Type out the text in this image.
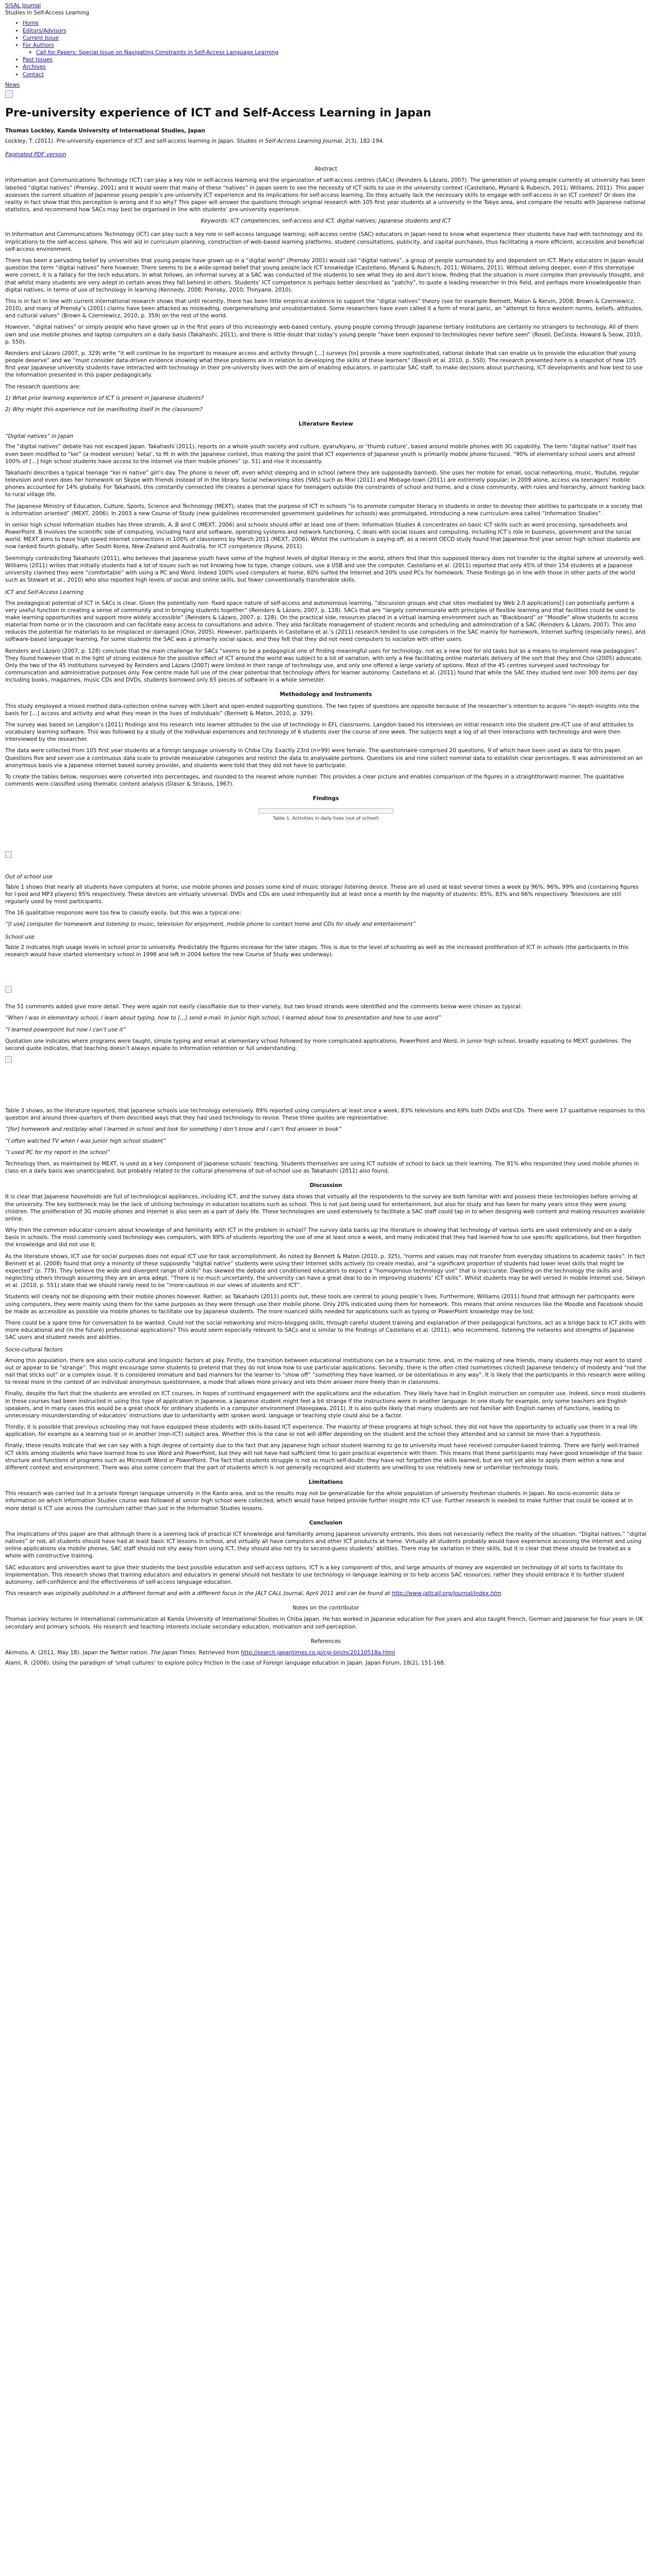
SiSAL Journal
Studies in Self-Access Learning
• Home
• Editors/Advisors
• Current Issue
• For Authors
◦ Call for Papers: Special Issue on Navigating Constraints in Self-Access Language Learning
• Past Issues
• Archives
• Contact
News
Pre-university experience of ICT and Self-Access Learning in Japan
Thomas Lockley, Kanda University of International Studies, Japan
Lockley, T. (2011). Pre-university experience of ICT and self-access learning in Japan. Studies in Self-Access Learning Journal, 2(3), 182-194.
Paginated PDF version
Abstract

Information and Communications Technology (ICT) can play a key role in self-access learning and the organization of self-access centres (SACs) (Reinders & Lázaro, 2007). The generation of young people currently at university has been labelled “digital natives” (Prensky, 2001) and it would seem that many of these “natives” in Japan seem to see the necessity of ICT skills to use in the university context (Castellano, Mynard & Rubesch, 2011; Williams, 2011). This paper assesses the current situation of Japanese young people’s pre-university ICT experience and its implications for self-access learning. Do they actually lack the necessary skills to engage with self-access in an ICT context? Or does the reality in fact show that this perception is wrong and if so why? This paper will answer the questions through original research with 105 first year students at a university in the Tokyo area, and compare the results with Japanese national statistics, and recommend how SACs may best be organised in line with students’ pre-university experience.

Keywords: ICT competencies, self-access and ICT, digital natives; Japanese students and ICT

In Information and Communications Technology (ICT) can play such a key role in self-access language learning; self-access centre (SAC) educators in Japan need to know what experience their students have had with technology and its implications to the self-access sphere. This will aid in curriculum planning, construction of web-based learning platforms, student consultations, publicity, and capital purchases, thus facilitating a more efficient, accessible and beneficial self-access environment.

There has been a pervading belief by universities that young people have grown up in a “digital world” (Prensky 2001) would call “digital natives”, a group of people surrounded by and dependent on ICT. Many educators in Japan would question the term “digital natives” here however. There seems to be a wide-spread belief that young people lack ICT knowledge (Castellano, Mynard & Rubesch, 2011; Williams, 2011). Without delving deeper, even if this stereotype were correct, it is a fallacy for the tech educators. In what follows, an informal survey at a SAC was conducted of the students to see what they do and don’t know, finding that the situation is more complex than previously thought, and that whilst many students are very adept in certain areas they fall behind in others. Students’ ICT competence is perhaps better described as “patchy”, to quote a leading researcher in this field, and perhaps more knowledgeable than digital natives, in terms of use of technology in learning (Kennedy, 2008; Prensky, 2010; Thinyane, 2010).

This is in fact in line with current international research shows that until recently, there has been little empirical evidence to support the “digital natives” theory (see for example Bennett, Maton & Kervin, 2008; Brown & Czerniewicz, 2010), and many of Prensky’s (2001) claims have been attacked as misleading, overgeneralising and unsubstantiated. Some researchers have even called it a form of moral panic, an “attempt to force western norms, beliefs, attitudes, and cultural values” (Brown & Czerniewicz, 2010, p. 359) on the rest of the world.

However, “digital natives” or simply people who have grown up in the first years of this increasingly web-based century, young people coming through Japanese tertiary institutions are certainly no strangers to technology. All of them own and use mobile phones and laptop computers on a daily basis (Takahashi, 2011), and there is little doubt that today’s young people “have been exposed to technologies never before seen” (Rosell, DeCosta, Howard & Seow, 2010, p. 550).

Reinders and Lázaro (2007, p. 329) write “it will continue to be important to measure access and activity through [...] surveys [to] provide a more sophisticated, rational debate that can enable us to provide the education that young people deserve” and we “must consider data-driven evidence showing what these problems are in relation to developing the skills of these learners” (Bassili et al. 2010, p. 550). The research presented here is a snapshot of how 105 first year Japanese university students have interacted with technology in their pre-university lives with the aim of enabling educators, in particular SAC staff, to make decisions about purchasing, ICT developments and how best to use the information presented in this paper pedagogically.

The research questions are:

1) What prior learning experience of ICT is present in Japanese students?

2) Why might this experience not be manifesting itself in the classroom?

Literature Review
“Digital natives” in Japan

The “digital natives” debate has not escaped Japan. Takahashi (2011), reports on a whole youth society and culture, gyaru/kyaru, or ‘thumb culture’, based around mobile phones with 3G capability. The term “digital native” itself has even been modified to “kei” (a modest version) ‘ketai’, to fit in with the Japanese context, thus making the point that ICT experience of Japanese youth is primarily mobile phone focused. “90% of elementary school users and almost 100% of [...] high school students have access to the internet via their mobile phones” (p. 51) and rise it incessantly.

Takahashi describes a typical teenage “kei ni native” girl’s day. The phone is never off, even whilst sleeping and in school (where they are supposedly banned). She uses her mobile for email, social networking, music, Youtube, regular television and even does her homework on Skype with friends instead of in the library. Social networking sites (SNS) such as Mixi (2011) and Mobage-town (2011) are extremely popular; in 2009 alone, access via teenagers’ mobile phones accounted for 14% globally. For Takahashi, this constantly connected life creates a personal space for teenagers outside the constraints of school and home, and a close community, with rules and hierarchy, almost harking back to rural village life.

The Japanese Ministry of Education, Culture, Sports, Science and Technology (MEXT), states that the purpose of ICT in schools “is to promote computer literacy in students in order to develop their abilities to participate in a society that is information oriented” (MEXT, 2006). In 2003 a new Course of Study (new guidelines recommended government guidelines for schools) was promulgated, introducing a new curriculum area called “Information Studies”.

In senior high school information studies has three strands, A, B and C (MEXT, 2006) and schools should offer at least one of them. Information Studies A concentrates on basic ICT skills such as word processing, spreadsheets and PowerPoint. B involves the scientific side of computing, including hard and software, operating systems and network functioning. C deals with social issues and computing, including ICT’s role in business, government and the social world. MEXT aims to have high speed internet connections in 100% of classrooms by March 2011 (MEXT, 2006). Whilst the curriculum is paying off, as a recent OECD study found that Japanese first year senior high school students are now ranked fourth globally, after South Korea, New-Zealand and Australia, for ICT competence (Ryuna, 2011).

Seemingly contradicting Takahashi (2011), who believes that Japanese youth have some of the highest levels of digital literacy in the world, others find that this supposed literacy does not transfer to the digital sphere at university well. Williams (2011) writes that initially students had a lot of issues such as not knowing how to type, change colours, use a USB and use the computer. Castellano et al. (2011) reported that only 45% of their 154 students at a Japanese university claimed they were “comfortable” with using a PC and Word. Indeed 100% used computers at home, 60% surfed the Internet and 20% used PCs for homework. These findings go in line with those in other parts of the world such as Stewart et al., 2010) who also reported high levels of social and online skills, but fewer conventionally transferable skills.

ICT and Self-Access Learning

The pedagogical potential of ICT in SACs is clear. Given the potentially non- fixed space nature of self-access and autonomous learning, “discussion groups and chat sites mediated by Web 2.0 applications[] can potentially perform a very useful function in creating a sense of community and in bringing students together” (Reinders & Lázaro, 2007, p. 128). SACs that are “largely commensurate with principles of flexible learning and that facilities could be used to make learning opportunities and support more widely accessible” (Reinders & Lázaro, 2007, p. 128). On the practical side, resources placed in a virtual learning environment such as “Blackboard” or “Moodle” allow students to access material from home or in the classroom and can facilitate easy access to consultations and advice. They also facilitate management of student records and scheduling and administration of a SAC (Reinders & Lázaro, 2007). This also reduces the potential for materials to be misplaced or damaged (Choi, 2005). However, participants in Castellano et al.’s (2011) research tended to use computers in the SAC mainly for homework, Internet surfing (especially news), and software-based language learning. For some students the SAC was a primarily social space, and they felt that they did not need computers to socialize with other users.

Reinders and Lázaro (2007, p. 128) conclude that the main challenge for SACs “seems to be a pedagogical one of finding meaningful uses for technology, not as a new tool for old tasks but as a means to implement new pedagogies”. They found however that in the light of strong evidence for the positive effect of ICT around the world was subject to a lot of variation, with only a few facilitating online materials delivery of the sort that they and Choi (2005) advocate. Only the two of the 45 institutions surveyed by Reinders and Lázaro (2007) were limited in their range of technology use, and only one offered a large variety of options. Most of the 45 centres surveyed used technology for communication and administrative purposes only. Few centre made full use of the clear potential that technology offers for learner autonomy. Castellano et al. (2011) found that while the SAC they studied lent over 300 items per day including books, magazines, music CDs and DVDs, students borrowed only 65 pieces of software in a whole semester.

Methodology and Instruments

This study employed a mixed method data-collection online survey with Likert and open-ended supporting questions. The two types of questions are opposite because of the researcher’s intention to acquire “in-depth insights into the basis for [...] access and activity and what they mean in the lives of individuals” (Bennett & Maton, 2010, p. 329).

The survey was based on Langdon’s (2011) findings and his research into learner attitudes to the use of technology in EFL classrooms. Langdon based his interviews on initial research into the student pre-ICT use of and attitudes to vocabulary learning software. This was followed by a study of the individual experiences and technology of 6 students over the course of one week. The subjects kept a log of all their interactions with technology and were then interviewed by the researcher.

The data were collected from 105 first year students at a foreign language university in Chiba City. Exactly 23rd (n=99) were female. The questionnaire comprised 20 questions, 9 of which have been used as data for this paper. Questions five and seven use a continuous data scale to provide measurable categories and restrict the data to analysable portions. Questions six and nine collect nominal data to establish clear percentages. It was administered on an anonymous basis via a Japanese internet based survey provider, and students were told that they did not have to participate.

To create the tables below, responses were converted into percentages, and rounded to the nearest whole number. This provides a clear picture and enables comparison of the figures in a straightforward manner. The qualitative comments were classified using thematic content analysis (Glaser & Strauss, 1967).

Findings
Table 1. Activities in daily lives (out of school)
Out of school use

Table 1 shows that nearly all students have computers at home, use mobile phones and posses some kind of music storage/ listening device. These are all used at least several times a week by 96%, 96%, 99% and (containing figures for I-pod and MP3 players) 95% respectively. These devices are virtually universal. DVDs and CDs are used infrequently but at least once a month by the majority of students: 85%, 83% and 66% respectively. Televisions are still regularly used by most participants.

The 16 qualitative responses were too few to classify easily, but this was a typical one:

“[I use] computer for homework and listening to music, television for enjoyment, mobile phone to contact home and CDs for study and entertainment”

School use

Table 2 indicates high usage levels in school prior to university. Predictably the figures increase for the later stages. This is due to the level of schooling as well as the increased proliferation of ICT in schools (the participants in this research would have started elementary school in 1998 and left in 2004 before the new Course of Study was underway).

The 51 comments added give more detail. They were again not easily classifiable due to their variety, but two broad strands were identified and the comments below were chosen as typical:

“When I was in elementary school, I learn about typing, how to [...] send e-mail. In junior high school, I learned about how to presentation and how to use word”

“I learned powerpoint but now I can’t use it”

Quotation one indicates where programs were taught, simple typing and email at elementary school followed by more complicated applications, PowerPoint and Word, in junior high school, broadly equating to MEXT guidelines. The second quote indicates, that teaching doesn’t always equate to information retention or full understanding.

Table 3 shows, as the literature reported, that Japanese schools use technology extensively. 89% reported using computers at least once a week, 83% televisions and 69% both DVDs and CDs. There were 17 qualitative responses to this question and around three-quarters of them described ways that they had used technology to revise. These three quotes are representative:

“[for] homework and rest/play what I learned in school and look for something I don’t know and I can’t find answer in book”

“I often watched TV when I was junior high school student”

“I used PC for my report in the school”

Technology then, as maintained by MEXT, is used as a key component of Japanese schools’ teaching. Students themselves are using ICT outside of school to back up their learning. The 81% who responded they used mobile phones in class on a daily basis was unanticipated, but probably related to the cultural phenomena of out-of-school use as Takahashi (2011) also found.

Discussion

It is clear that Japanese households are full of technological appliances, including ICT, and the survey data shows that virtually all the respondents to the survey are both familiar with and possess these technologies before arriving at the university. The key bottleneck may be the lack of utilising technology in education locations such as school. This is not just being used for entertainment, but also for study and has been for many years since they were young children. The proliferation of 3G mobile phones and Internet is also seen as a part of daily life. These technologies are used extensively to facilitate a SAC staff could tap in to when designing web content and making resources available online.

Why then the common educator concern about knowledge of and familiarity with ICT in the problem in school? The survey data backs up the literature in showing that technology of various sorts are used extensively and on a daily basis in schools. The most commonly used technology was computers, with 89% of students reporting the use of one at least once a week, and many indicated that they had learned how to use specific applications, but then forgotten the knowledge and did not use it.

As the literature shows, ICT use for social purposes does not equal ICT use for task accomplishment. As noted by Bennett & Maton (2010, p. 325), “norms and values may not transfer from everyday situations to academic tasks”. In fact Bennett et al. (2008) found that only a minority of these supposedly “digital native” students were using their Internet skills actively (to create media), and “a significant proportion of students had lower level skills that might be expected” (p. 779). They believe the wide and divergent range of skills” has skewed the debate and conditioned educators to expect a “homogenous technology use” that is inaccurate. Dwelling on the technology the skills and neglecting others through assuming they are an area adept. “There is no much uncertainty, the university can have a great deal to do in improving students’ ICT skills”. Whilst students may be well versed in mobile Internet use, Selwyn et al. (2010, p. 551) state that we should rarely need to be “more-cautious in our views of students and ICT”.

Students will clearly not be disposing with their mobile phones however. Rather, as Takahashi (2011) points out, these tools are central to young people’s lives. Furthermore, Williams (2011) found that although her participants were using computers, they were mainly using them for the same purposes as they were through use their mobile phone. Only 20% indicated using them for homework. This means that online resources like the Moodle and Facebook should be made as accessible as possible via mobile phones to facilitate use by Japanese students. The more nuanced skills needed for applications such as typing or PowerPoint knowledge may be lost.

There could be a spare time for conversation to be wanted. Could not the social networking and micro-blogging skills, through careful student training and explanation of their pedagogical functions, act as a bridge back to ICT skills with more educational and (in the future) professional applications? This would seem especially relevant to SACs and is similar to the findings of Castellano et al. (2011), who recommend, listening the networks and strengths of Japanese SAC users and student needs and abilities.

Socio-cultural factors

Among this population, there are also socio-cultural and linguistic factors at play. Firstly, the transition between educational institutions can be a traumatic time, and, in the making of new friends, many students may not want to stand out or appear to be “strange”. This might encourage some students to pretend that they do not know how to use particular applications. Secondly, there is the often cited (sometimes cliched) Japanese tendency of modesty and “not the nail that sticks out” or a complex issue. It is considered immature and bad manners for the learner to “show off” “something they have learned, or be ostentatious in any way”. It is likely that the participants in this research were willing to reveal more in the context of an individual anonymous questionnaire, a mode that allows more privacy and lets them answer more freely than in classrooms.

Finally, despite the fact that the students are enrolled on ICT courses, in hopes of continued engagement with the applications and the education. They likely have had in English instruction on computer use. Indeed, since most students in these courses had been instructed in using this type of application in Japanese, a Japanese student might feel a bit strange if the instructions were in another language. In one study for example, only some teachers are English speakers, and in many cases this would be a great shock for ordinary students in a computer environment (Hasegawa, 2011). It is also quite likely that many students are not familiar with English names of functions, leading to unnecessary misunderstanding of educators’ instructions due to unfamiliarity with spoken word, language or teaching style could also be a factor.

Thirdly, it is possible that previous schooling may not have equipped these students with skills-based ICT experience. The majority of these programs at high school, they did not have the opportunity to actually use them in a real life application, for example as a learning tool or in another (non-ICT) subject area. Whether this is the case or not will differ depending on the student and the school they attended and so cannot be more than a hypothesis.

Finally, these results indicate that we can say with a high degree of certainty due to the fact that any Japanese high school student learning to go to university must have received computer-based training. There are fairly well-trained ICT skills among students who have learned how to use Word and PowerPoint, but they will not have had sufficient time to gain practical experience with them. This means that these participants may have good knowledge of the basic structure and functions of programs such as Microsoft Word or PowerPoint. The fact that students struggle is not so much self-doubt: they have not forgotten the skills learned, but are not yet able to apply them within a new and different context and environment. There was also some concern that the part of students which is not generally recognized and students are unwilling to use relatively new or unfamiliar technology tools.

Limitations

This research was carried out in a private foreign language university in the Kanto area, and so the results may not be generalizable for the whole population of university freshman students in Japan. No socio-economic data or information on which Information Studies course was followed at senior high school were collected, which would have helped provide further insight into ICT use. Further research is needed to make further that could be looked at in more detail is ICT use across the curriculum rather than just in the Information Studies lessons.

Conclusion

The implications of this paper are that although there is a seeming lack of practical ICT knowledge and familiarity among Japanese university entrants, this does not necessarily reflect the reality of the situation. “Digital natives,” “digital natives” or not, all students should have had at least basic ICT lessons in school, and virtually all have computers and other ICT products at home. Virtually all students probably would have experience accessing the internet and using online applications via mobile phones. SAC staff should not shy away from using ICT, they should also not try to second-guess students’ abilities. There may be variation in their skills, but it is clear that these should be treated as a whole with constructive training.

SAC educators and universities want to give their students the best possible education and self-access options. ICT is a key component of this, and large amounts of money are expended on technology of all sorts to facilitate its implementation. This research shows that training educators and educators in general should not hesitate to use technology in language learning or to help access SAC resources; rather they should embrace it to further student autonomy, self-confidence and the effectiveness of self-access language education.

This research was originally published in a different format and with a different focus in the JALT CALL Journal, April 2011 and can be found at http://www.jaltcall.org/journal/index.htm

Notes on the contributor

Thomas Lockley lectures in international communication at Kanda University of International Studies in Chiba Japan. He has worked in Japanese education for five years and also taught French, German and Japanese for four years in UK secondary and primary schools. His research and teaching interests include secondary education, motivation and self-perception.

References

Akimoto, A. (2011, May 18). Japan the Twitter nation. The Japan Times. Retrieved from http://search.japantimes.co.jp/cgi-bin/nc20110518a.html

Alami, R. (2006). Using the paradigm of ‘small cultures’ to explore policy friction in the case of Foreign language education in Japan. Japan Forum, 18(2), 151-168.
